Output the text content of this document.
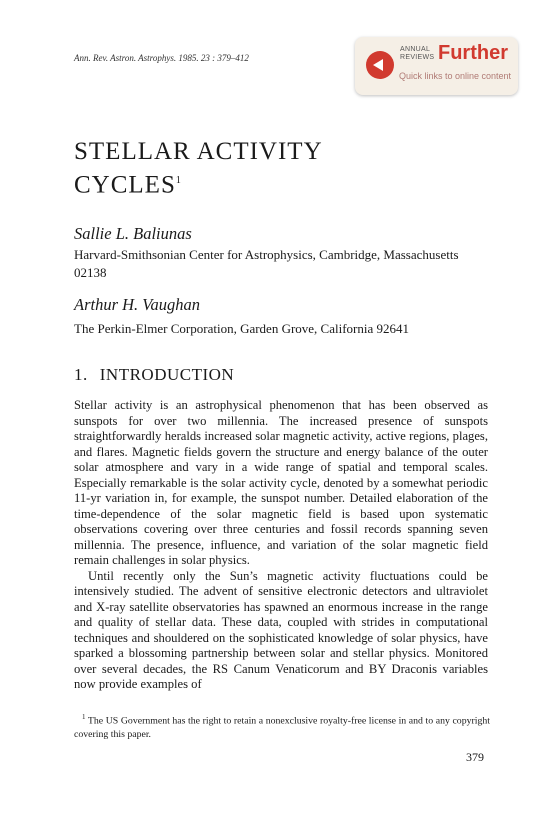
Ann. Rev. Astron. Astrophys. 1985. 23 : 379–412
ANNUAL
REVIEWS Further
Quick links to online content
STELLAR ACTIVITY
CYCLES$^1$

Sallie L. Baliunas

Harvard-Smithsonian Center for Astrophysics, Cambridge, Massachusetts 02138

Arthur H. Vaughan

The Perkin-Elmer Corporation, Garden Grove, California 92641

1. INTRODUCTION

Stellar activity is an astrophysical phenomenon that has been observed as sunspots for over two millennia. The increased presence of sunspots straightforwardly heralds increased solar magnetic activity, active regions, plages, and flares. Magnetic fields govern the structure and energy balance of the outer solar atmosphere and vary in a wide range of spatial and temporal scales. Especially remarkable is the solar activity cycle, denoted by a somewhat periodic 11-yr variation in, for example, the sunspot number. Detailed elaboration of the time-dependence of the solar magnetic field is based upon systematic observations covering over three centuries and fossil records spanning seven millennia. The presence, influence, and variation of the solar magnetic field remain challenges in solar physics.

Until recently only the Sun’s magnetic activity fluctuations could be intensively studied. The advent of sensitive electronic detectors and ultraviolet and X-ray satellite observatories has spawned an enormous increase in the range and quality of stellar data. These data, coupled with strides in computational techniques and shouldered on the sophisticated knowledge of solar physics, have sparked a blossoming partnership between solar and stellar physics. Monitored over several decades, the RS Canum Venaticorum and BY Draconis variables now provide examples of

$^1$ The US Government has the right to retain a nonexclusive royalty-free license in and to any copyright covering this paper.

379
